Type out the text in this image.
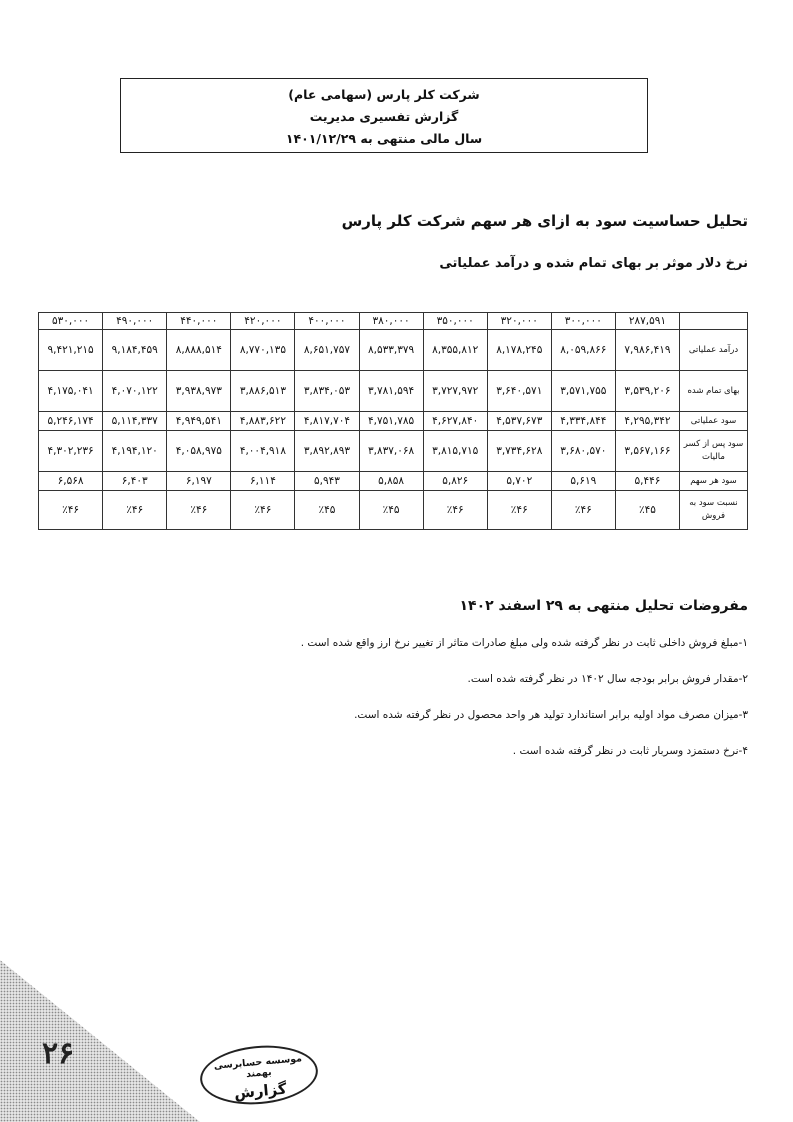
شرکت کلر پارس (سهامی عام)
گزارش تفسیری مدیریت
سال مالی منتهی به ۱۴۰۱/۱۲/۲۹
تحلیل حساسیت سود به ازای هر سهم شرکت کلر پارس
نرخ دلار موثر بر بهای تمام شده و درآمد عملیاتی
	۲۸۷,۵۹۱	۳۰۰,۰۰۰	۳۲۰,۰۰۰	۳۵۰,۰۰۰	۳۸۰,۰۰۰	۴۰۰,۰۰۰	۴۲۰,۰۰۰	۴۴۰,۰۰۰	۴۹۰,۰۰۰	۵۳۰,۰۰۰
درآمد عملیاتی	۷,۹۸۶,۴۱۹	۸,۰۵۹,۸۶۶	۸,۱۷۸,۲۴۵	۸,۳۵۵,۸۱۲	۸,۵۳۳,۳۷۹	۸,۶۵۱,۷۵۷	۸,۷۷۰,۱۳۵	۸,۸۸۸,۵۱۴	۹,۱۸۴,۴۵۹	۹,۴۲۱,۲۱۵
بهای تمام شده	۳,۵۳۹,۲۰۶	۳,۵۷۱,۷۵۵	۳,۶۴۰,۵۷۱	۳,۷۲۷,۹۷۲	۳,۷۸۱,۵۹۴	۳,۸۳۴,۰۵۳	۳,۸۸۶,۵۱۳	۳,۹۳۸,۹۷۳	۴,۰۷۰,۱۲۲	۴,۱۷۵,۰۴۱
سود عملیاتی	۴,۲۹۵,۳۴۲	۴,۳۳۴,۸۴۴	۴,۵۳۷,۶۷۳	۴,۶۲۷,۸۴۰	۴,۷۵۱,۷۸۵	۴,۸۱۷,۷۰۴	۴,۸۸۳,۶۲۲	۴,۹۴۹,۵۴۱	۵,۱۱۴,۳۳۷	۵,۲۴۶,۱۷۴
سود پس از کسر مالیات	۳,۵۶۷,۱۶۶	۳,۶۸۰,۵۷۰	۳,۷۳۴,۶۲۸	۳,۸۱۵,۷۱۵	۳,۸۳۷,۰۶۸	۳,۸۹۲,۸۹۳	۴,۰۰۴,۹۱۸	۴,۰۵۸,۹۷۵	۴,۱۹۴,۱۲۰	۴,۳۰۲,۲۳۶
سود هر سهم	۵,۴۴۶	۵,۶۱۹	۵,۷۰۲	۵,۸۲۶	۵,۸۵۸	۵,۹۴۳	۶,۱۱۴	۶,۱۹۷	۶,۴۰۳	۶,۵۶۸
نسبت سود به فروش	٪۴۵	٪۴۶	٪۴۶	٪۴۶	٪۴۵	٪۴۵	٪۴۶	٪۴۶	٪۴۶	٪۴۶
مفروضات تحلیل منتهی به ۲۹ اسفند ۱۴۰۲

۱-مبلغ فروش داخلی ثابت در نظر گرفته شده ولی مبلغ صادرات متاثر از تغییر نرخ ارز واقع شده است .

۲-مقدار فروش برابر بودجه سال ۱۴۰۲ در نظر گرفته شده است.

۳-میزان مصرف مواد اولیه برابر استاندارد تولید هر واحد محصول در نظر گرفته شده است.

۴-نرخ دستمزد وسربار ثابت در نظر گرفته شده است .

۲۶	موسسه حسابرسی بهمند
گزارش
